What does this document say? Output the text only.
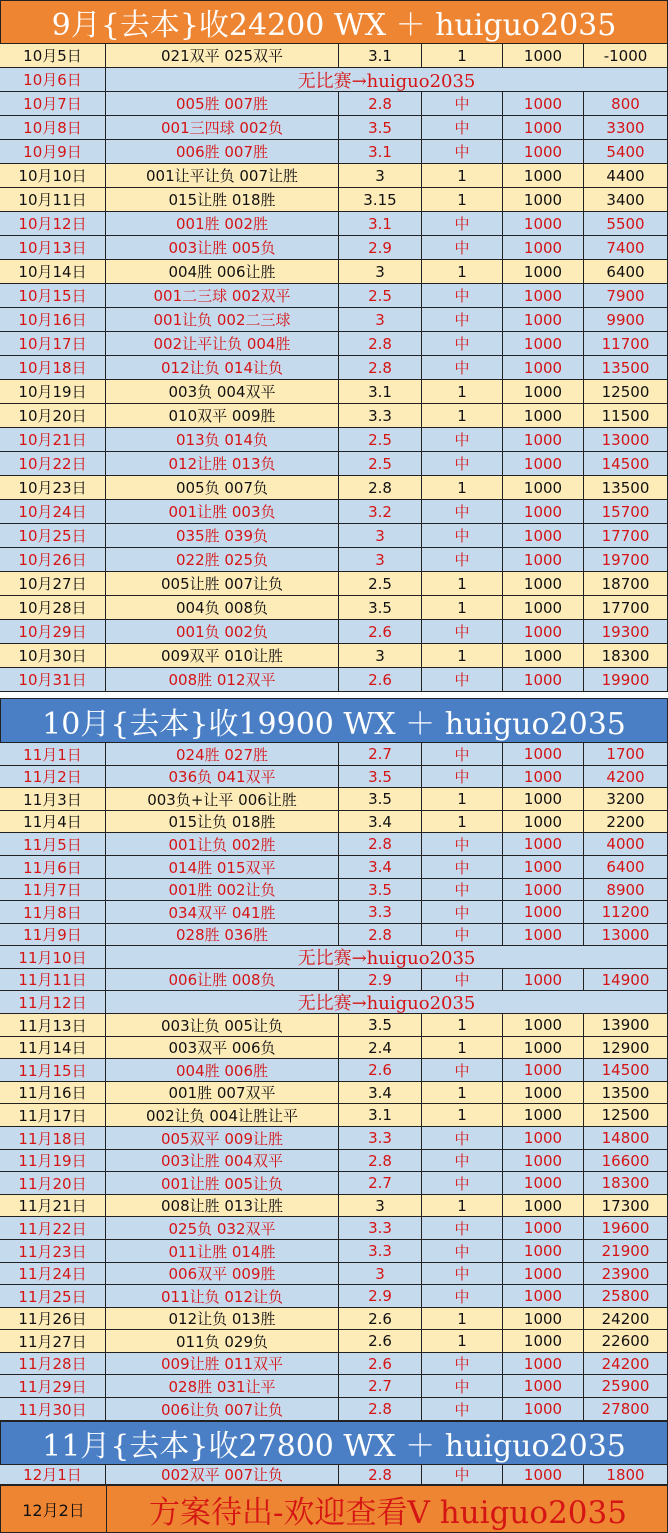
9月{去本}收24200 WX ＋ huiguo2035
10月5日	021双平 025双平	3.1	1	1000	-1000
10月6日	无比赛→huiguo2035
10月7日	005胜 007胜	2.8	中	1000	800
10月8日	001三四球 002负	3.5	中	1000	3300
10月9日	006胜 007胜	3.1	中	1000	5400
10月10日	001让平让负 007让胜	3	1	1000	4400
10月11日	015让胜 018胜	3.15	1	1000	3400
10月12日	001胜 002胜	3.1	中	1000	5500
10月13日	003让胜 005负	2.9	中	1000	7400
10月14日	004胜 006让胜	3	1	1000	6400
10月15日	001二三球 002双平	2.5	中	1000	7900
10月16日	001让负 002二三球	3	中	1000	9900
10月17日	002让平让负 004胜	2.8	中	1000	11700
10月18日	012让负 014让负	2.8	中	1000	13500
10月19日	003负 004双平	3.1	1	1000	12500
10月20日	010双平 009胜	3.3	1	1000	11500
10月21日	013负 014负	2.5	中	1000	13000
10月22日	012让胜 013负	2.5	中	1000	14500
10月23日	005负 007负	2.8	1	1000	13500
10月24日	001让胜 003负	3.2	中	1000	15700
10月25日	035胜 039负	3	中	1000	17700
10月26日	022胜 025负	3	中	1000	19700
10月27日	005让胜 007让负	2.5	1	1000	18700
10月28日	004负 008负	3.5	1	1000	17700
10月29日	001负 002负	2.6	中	1000	19300
10月30日	009双平 010让胜	3	1	1000	18300
10月31日	008胜 012双平	2.6	中	1000	19900
10月{去本}收19900 WX ＋ huiguo2035
11月1日	024胜 027胜	2.7	中	1000	1700
11月2日	036负 041双平	3.5	中	1000	4200
11月3日	003负+让平 006让胜	3.5	1	1000	3200
11月4日	015让负 018胜	3.4	1	1000	2200
11月5日	001让负 002胜	2.8	中	1000	4000
11月6日	014胜 015双平	3.4	中	1000	6400
11月7日	001胜 002让负	3.5	中	1000	8900
11月8日	034双平 041胜	3.3	中	1000	11200
11月9日	028胜 036胜	2.8	中	1000	13000
11月10日	无比赛→huiguo2035
11月11日	006让胜 008负	2.9	中	1000	14900
11月12日	无比赛→huiguo2035
11月13日	003让负 005让负	3.5	1	1000	13900
11月14日	003双平 006负	2.4	1	1000	12900
11月15日	004胜 006胜	2.6	中	1000	14500
11月16日	001胜 007双平	3.4	1	1000	13500
11月17日	002让负 004让胜让平	3.1	1	1000	12500
11月18日	005双平 009让胜	3.3	中	1000	14800
11月19日	003让胜 004双平	2.8	中	1000	16600
11月20日	001让胜 005让负	2.7	中	1000	18300
11月21日	008让胜 013让胜	3	1	1000	17300
11月22日	025负 032双平	3.3	中	1000	19600
11月23日	011让胜 014胜	3.3	中	1000	21900
11月24日	006双平 009胜	3	中	1000	23900
11月25日	011让负 012让负	2.9	中	1000	25800
11月26日	012让负 013胜	2.6	1	1000	24200
11月27日	011负 029负	2.6	1	1000	22600
11月28日	009让胜 011双平	2.6	中	1000	24200
11月29日	028胜 031让平	2.7	中	1000	25900
11月30日	006让负 007让负	2.8	中	1000	27800
11月{去本}收27800 WX ＋ huiguo2035
12月1日	002双平 007让负	2.8	中	1000	1800
12月2日	方案待出-欢迎查看V huiguo2035
